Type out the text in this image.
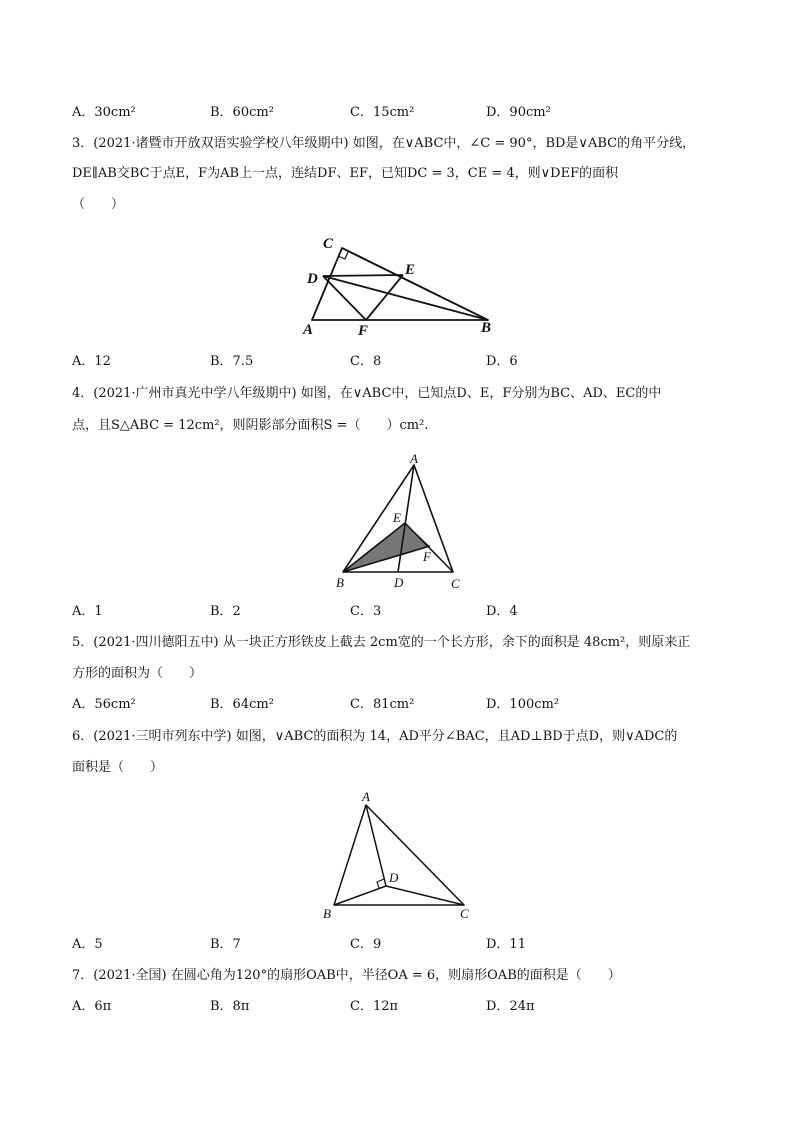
A．30cm²	B．60cm²	C．15cm²	D．90cm²
3．(2021·诸暨市开放双语实验学校八年级期中) 如图，在∨ABC中，∠C = 90°，BD是∨ABC的角平分线，
DE∥AB交BC于点E，F为AB上一点，连结DF、EF，已知DC = 3，CE = 4，则∨DEF的面积
（　　）
C
D
E
A	F	B
A．12	B．7.5	C．8	D．6
4．(2021·广州市真光中学八年级期中) 如图，在∨ABC中，已知点D、E，F分别为BC、AD、EC的中
点，且S△ABC = 12cm²，则阴影部分面积S =（　　）cm².
A
E
F
B	D	C
A．1	B．2	C．3	D．4
5．(2021·四川德阳五中) 从一块正方形铁皮上截去 2cm宽的一个长方形，余下的面积是 48cm²，则原来正
方形的面积为（　　）
A．56cm²	B．64cm²	C．81cm²	D．100cm²
6．(2021·三明市列东中学) 如图，∨ABC的面积为 14，AD平分∠BAC，且AD⊥BD于点D，则∨ADC的
面积是（　　）
A
D
B	C
A．5	B．7	C．9	D．11
7．(2021·全国) 在圆心角为120°的扇形OAB中，半径OA = 6，则扇形OAB的面积是（　　）
A．6π	B．8π	C．12π	D．24π
